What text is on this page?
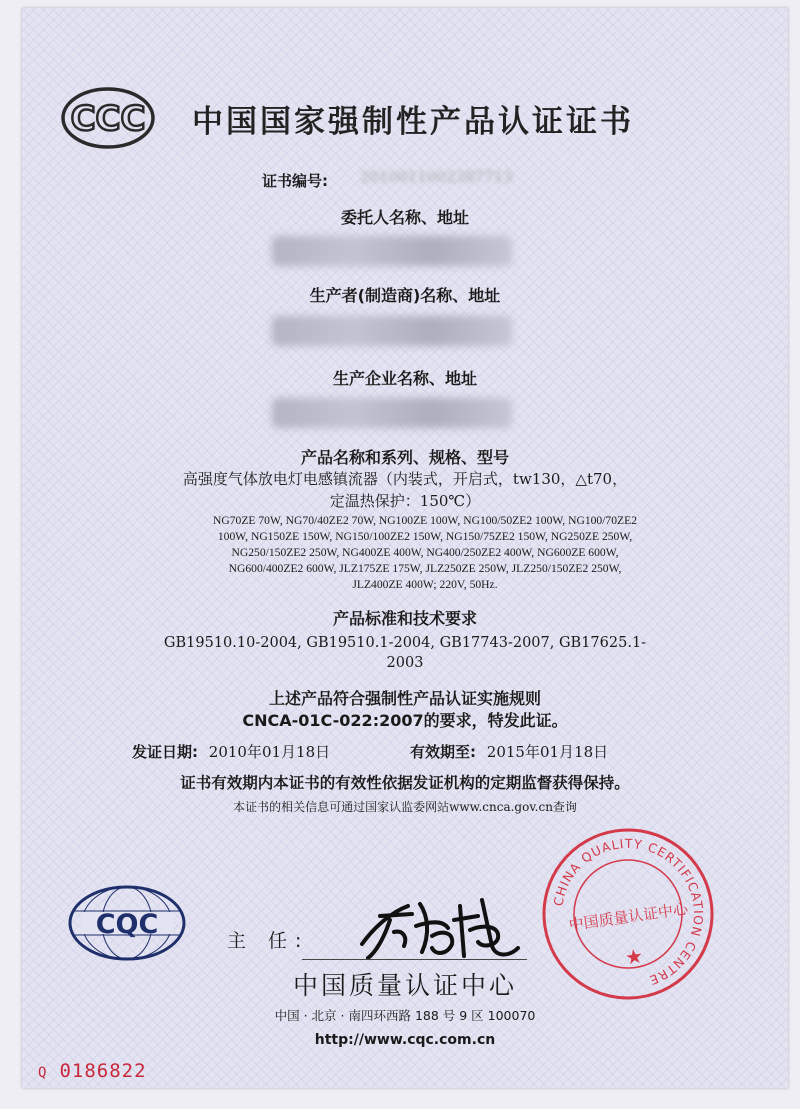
CCC 中国国家强制性产品认证证书
证书编号: 2010011002387713
委托人名称、地址
生产者(制造商)名称、地址
生产企业名称、地址
产品名称和系列、规格、型号
高强度气体放电灯电感镇流器（内装式，开启式，tw130，△t70，
定温热保护：150℃）
NG70ZE 70W, NG70/40ZE2 70W, NG100ZE 100W, NG100/50ZE2 100W, NG100/70ZE2
100W, NG150ZE 150W, NG150/100ZE2 150W, NG150/75ZE2 150W, NG250ZE 250W,
NG250/150ZE2 250W, NG400ZE 400W, NG400/250ZE2 400W, NG600ZE 600W,
NG600/400ZE2 600W, JLZ175ZE 175W, JLZ250ZE 250W, JLZ250/150ZE2 250W,
JLZ400ZE 400W; 220V, 50Hz.
产品标准和技术要求
GB19510.10-2004, GB19510.1-2004, GB17743-2007, GB17625.1-
2003
上述产品符合强制性产品认证实施规则
CNCA-01C-022:2007的要求，特发此证。
发证日期: 2010年01月18日	有效期至: 2015年01月18日
证书有效期内本证书的有效性依据发证机构的定期监督获得保持。
本证书的相关信息可通过国家认监委网站www.cnca.gov.cn查询
CQC
主 任:
中国质量认证中心
中国 · 北京 · 南四环西路 188 号 9 区 100070
http://www.cqc.com.cn
Q 0186822
CHINA QUALITY CERTIFICATION CENTRE
中国质量认证中心
★
